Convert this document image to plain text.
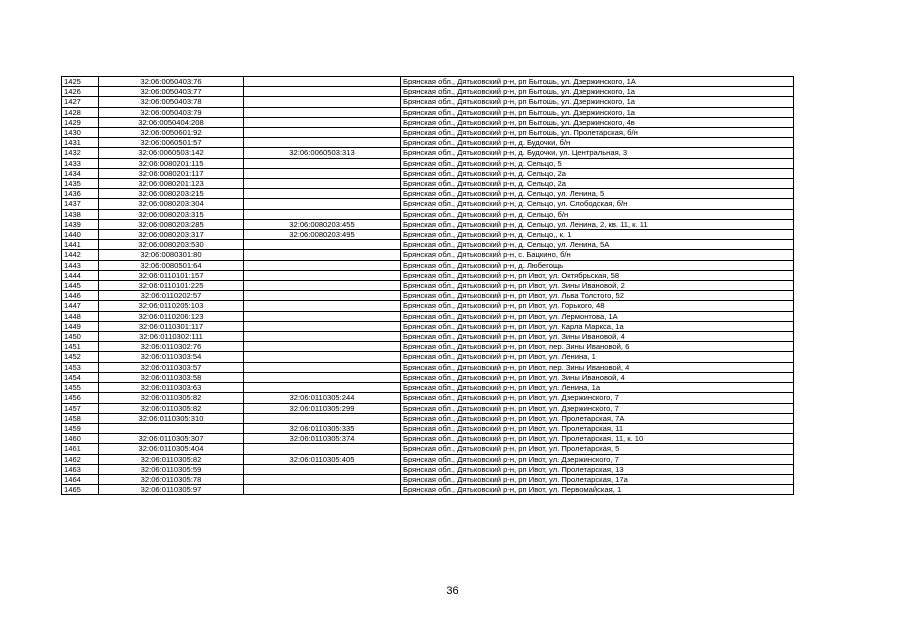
1425	32:06:0050403:76		Брянская обл., Дятьковский р-н, рп Бытошь, ул. Дзержинского, 1А
1426	32:06:0050403:77		Брянская обл., Дятьковский р-н, рп Бытошь, ул. Дзержинского, 1а
1427	32:06:0050403:78		Брянская обл., Дятьковский р-н, рп Бытошь, ул. Дзержинского, 1а
1428	32:06:0050403:79		Брянская обл., Дятьковский р-н, рп Бытошь, ул. Дзержинского, 1а
1429	32:06:0050404:208		Брянская обл., Дятьковский р-н, рп Бытошь, ул. Дзержинского, 4в
1430	32:06:0050601:92		Брянская обл., Дятьковский р-н, рп Бытошь, ул. Пролетарская, б/н
1431	32:06:0060501:57		Брянская обл., Дятьковский р-н, д. Будочки, б/н
1432	32:06:0060503:142	32:06:0060503:313	Брянская обл., Дятьковский р-н, д. Будочки, ул. Центральная, 3
1433	32:06:0080201:115		Брянская обл., Дятьковский р-н, д. Сельцо, 5
1434	32:06:0080201:117		Брянская обл., Дятьковский р-н, д. Сельцо, 2а
1435	32:06:0080201:123		Брянская обл., Дятьковский р-н, д. Сельцо, 2а
1436	32:06:0080203:215		Брянская обл., Дятьковский р-н, д. Сельцо, ул. Ленина, 5
1437	32:06:0080203:304		Брянская обл., Дятьковский р-н, д. Сельцо, ул. Слободская, б/н
1438	32:06:0080203:315		Брянская обл., Дятьковский р-н, д. Сельцо, б/н
1439	32:06:0080203:285	32:06:0080203:455	Брянская обл., Дятьковский р-н, д. Сельцо, ул. Ленина, 2, кв. 11, к. 11
1440	32:06:0080203:317	32:06:0080203:495	Брянская обл., Дятьковский р-н, д. Сельцо,, к. 1
1441	32:06:0080203:530		Брянская обл., Дятьковский р-н, д. Сельцо, ул. Ленина, 5А
1442	32:06:0080301:80		Брянская обл., Дятьковский р-н, с. Бацкино, б/н
1443	32:06:0080501:64		Брянская обл., Дятьковский р-н, д. Любегощь
1444	32:06:0110101:157		Брянская обл., Дятьковский р-н, рп Ивот, ул. Октябрьская, 58
1445	32:06:0110101:225		Брянская обл., Дятьковский р-н, рп Ивот, ул. Зины Ивановой, 2
1446	32:06:0110202:57		Брянская обл., Дятьковский р-н, рп Ивот, ул. Льва Толстого, 52
1447	32:06:0110205:103		Брянская обл., Дятьковский р-н, рп Ивот, ул. Горького, 48
1448	32:06:0110206:123		Брянская обл., Дятьковский р-н, рп Ивот, ул. Лермонтова, 1А
1449	32:06:0110301:117		Брянская обл., Дятьковский р-н, рп Ивот, ул. Карла Маркса, 1а
1450	32:06:0110302:111		Брянская обл., Дятьковский р-н, рп Ивот, ул. Зины Ивановой, 4
1451	32:06:0110302:76		Брянская обл., Дятьковский р-н, рп Ивот, пер. Зины Ивановой, 6
1452	32:06:0110303:54		Брянская обл., Дятьковский р-н, рп Ивот, ул. Ленина, 1
1453	32:06:0110303:57		Брянская обл., Дятьковский р-н, рп Ивот, пер. Зины Ивановой, 4
1454	32:06:0110303:58		Брянская обл., Дятьковский р-н, рп Ивот, ул. Зины Ивановой, 4
1455	32:06:0110303:63		Брянская обл., Дятьковский р-н, рп Ивот, ул. Ленина, 1а
1456	32:06:0110305:82	32:06:0110305:244	Брянская обл., Дятьковский р-н, рп Ивот, ул. Дзержинского, 7
1457	32:06:0110305:82	32:06:0110305:299	Брянская обл., Дятьковский р-н, рп Ивот, ул. Дзержинского, 7
1458	32:06:0110305:310		Брянская обл., Дятьковский р-н, рп Ивот, ул. Пролетарская, 7А
1459		32:06:0110305:335	Брянская обл., Дятьковский р-н, рп Ивот, ул. Пролетарская, 11
1460	32:06:0110305:307	32:06:0110305:374	Брянская обл., Дятьковский р-н, рп Ивот, ул. Пролетарская, 11, к. 10
1461	32:06:0110305:404		Брянская обл., Дятьковский р-н, рп Ивот, ул. Пролетарская, 5
1462	32:06:0110305:82	32:06:0110305:405	Брянская обл., Дятьковский р-н, рп Ивот, ул. Дзержинского, 7
1463	32:06:0110305:59		Брянская обл., Дятьковский р-н, рп Ивот, ул. Пролетарская, 13
1464	32:06:0110305:78		Брянская обл., Дятьковский р-н, рп Ивот, ул. Пролетарская, 17а
1465	32:06:0110305:97		Брянская обл., Дятьковский р-н, рп Ивот, ул. Первомайская, 1
36
